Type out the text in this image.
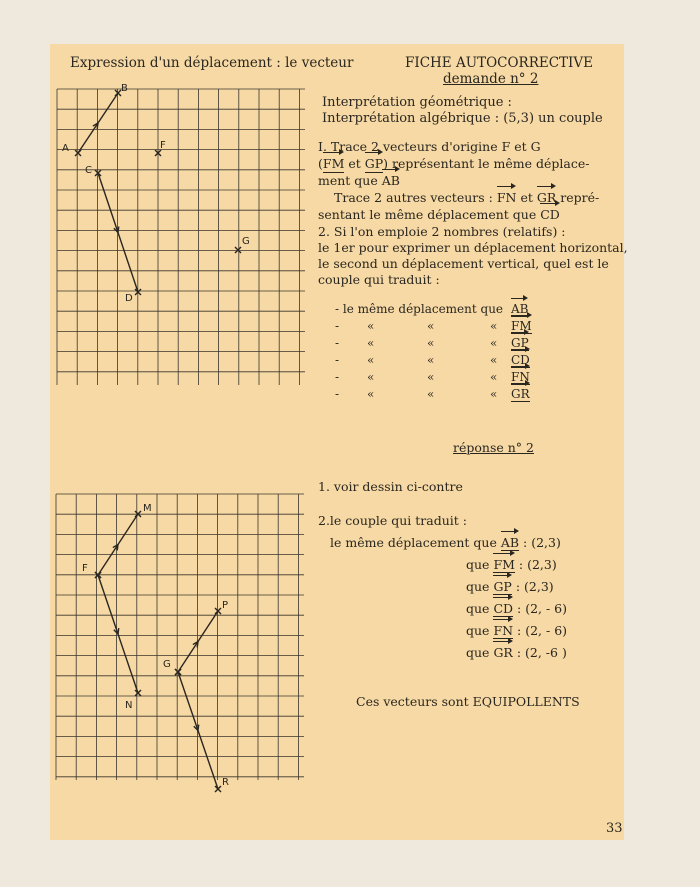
Expression d'un déplacement : le vecteur	FICHE AUTOCORRECTIVE
demande n° 2
B
A
C
F
G
D
M
F
N
G
P
R
Interprétation géométrique :
Interprétation algébrique : (5,3) un couple
I. Trace 2 vecteurs d'origine F et G
(FM et GP) représentant le même déplace-
ment que AB
Trace 2 autres vecteurs : FN et GR repré-
sentant le même déplacement que CD
2. Si l'on emploie 2 nombres (relatifs) :
le 1er pour exprimer un déplacement horizontal,
le second un déplacement vertical, quel est le
couple qui traduit :
- le même déplacement que AB
- «	«	« FM
- «	«	« GP
- «	«	« CD
- «	«	« FN
- «	«	« GR
réponse n° 2
1. voir dessin ci-contre
2.le couple qui traduit :
le même déplacement que AB : (2,3)
que FM : (2,3)
que GP : (2,3)
que CD : (2, - 6)
que FN : (2, - 6)
que GR : (2, -6 )
Ces vecteurs sont EQUIPOLLENTS
33
